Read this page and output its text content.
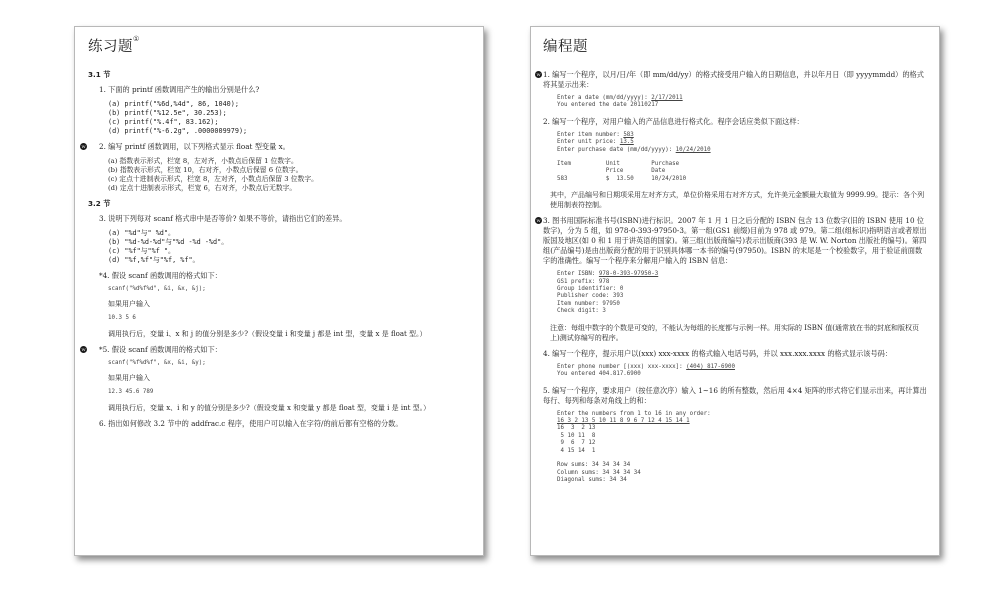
练习题①
3.1 节
1. 下面的 printf 函数调用产生的输出分别是什么?
(a) printf("%6d,%4d", 86, 1040);
(b) printf("%12.5e", 30.253);
(c) printf("%.4f", 83.162);
(d) printf("%-6.2g", .0000009979);
W 2. 编写 printf 函数调用，以下列格式显示 float 型变量 x。
(a) 指数表示形式，栏宽 8，左对齐，小数点后保留 1 位数字。
(b) 指数表示形式，栏宽 10，右对齐，小数点后保留 6 位数字。
(c) 定点十进制表示形式，栏宽 8，左对齐，小数点后保留 3 位数字。
(d) 定点十进制表示形式，栏宽 6，右对齐，小数点后无数字。
3.2 节
3. 说明下列每对 scanf 格式串中是否等价? 如果不等价，请指出它们的差异。
(a) "%d"与" %d"。
(b) "%d-%d-%d"与"%d -%d -%d"。
(c) "%f"与"%f "。
(d) "%f,%f"与"%f, %f"。
*4. 假设 scanf 函数调用的格式如下：
scanf("%d%f%d", &i, &x, &j);
如果用户输入
10.3 5 6
调用执行后，变量 i、x 和 j 的值分别是多少?（假设变量 i 和变量 j 都是 int 型，变量 x 是 float 型。）
W *5. 假设 scanf 函数调用的格式如下：
scanf("%f%d%f", &x, &i, &y);
如果用户输入
12.3 45.6 789
调用执行后，变量 x、i 和 y 的值分别是多少?（假设变量 x 和变量 y 都是 float 型，变量 i 是 int 型。）
6. 指出如何修改 3.2 节中的 addfrac.c 程序，使用户可以输入在字符/的前后都有空格的分数。
编程题
W 1. 编写一个程序，以月/日/年（即 mm/dd/yy）的格式接受用户输入的日期信息，并以年月日（即 yyyymmdd）的格式将其显示出来：
Enter a date (mm/dd/yyyy): 2/17/2011
You entered the date 20110217
2. 编写一个程序，对用户输入的产品信息进行格式化。程序会话应类似下面这样：
Enter item number: 583
Enter unit price: 13.5
Enter purchase date (mm/dd/yyyy): 10/24/2010
Item          Unit         Purchase
Price        Date
583           $  13.50     10/24/2010
其中，产品编号和日期项采用左对齐方式，单位价格采用右对齐方式，允许美元金额最大取值为 9999.99。提示：各个列使用制表符控制。
W 3. 图书用国际标准书号(ISBN)进行标识。2007 年 1 月 1 日之后分配的 ISBN 包含 13 位数字(旧的 ISBN 使用 10 位数字)，分为 5 组，如 978-0-393-97950-3。第一组(GS1 前缀)目前为 978 或 979。第二组(组标识)指明语言或者原出版国及地区(如 0 和 1 用于讲英语的国家)。第三组(出版商编号)表示出版商(393 是 W. W. Norton 出版社的编号)。第四组(产品编号)是由出版商分配的用于识别具体哪一本书的编号(97950)。ISBN 的末尾是一个校验数字，用于验证前面数字的准确性。编写一个程序来分解用户输入的 ISBN 信息：
Enter ISBN: 978-0-393-97950-3
GS1 prefix: 978
Group identifier: 0
Publisher code: 393
Item number: 97950
Check digit: 3
注意：每组中数字的个数是可变的，不能认为每组的长度都与示例一样。用实际的 ISBN 值(通常放在书的封底和版权页上)测试你编写的程序。
4. 编写一个程序，提示用户以(xxx) xxx-xxxx 的格式输入电话号码，并以 xxx.xxx.xxxx 的格式显示该号码：
Enter phone number [(xxx) xxx-xxxx]: (404) 817-6900
You entered 404.817.6900
5. 编写一个程序，要求用户（按任意次序）输入 1~16 的所有整数，然后用 4×4 矩阵的形式将它们显示出来，再计算出每行、每列和每条对角线上的和：
Enter the numbers from 1 to 16 in any order:
16 3 2 13 5 10 11 8 9 6 7 12 4 15 14 1
16  3  2 13
5 10 11  8
9  6  7 12
4 15 14  1

Row sums: 34 34 34 34
Column sums: 34 34 34 34
Diagonal sums: 34 34
